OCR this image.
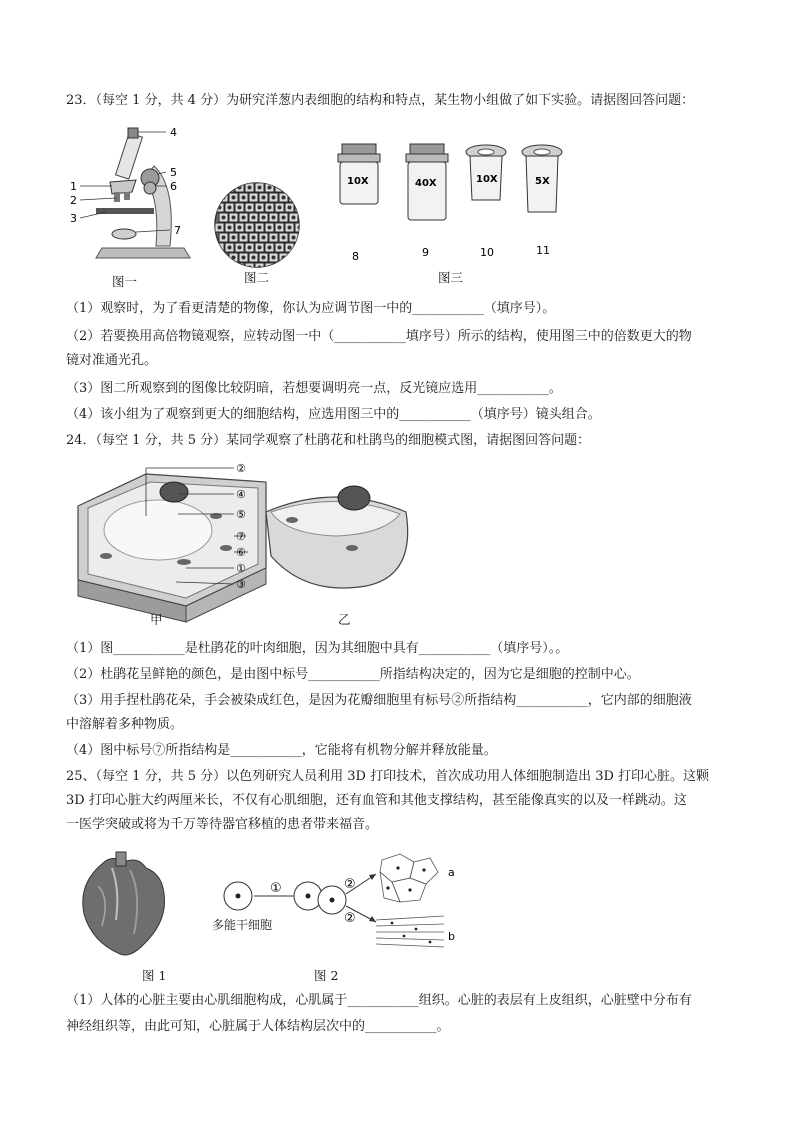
23．（每空 1 分，共 4 分）为研究洋葱内表细胞的结构和特点，某生物小组做了如下实验。请据图回答问题：
1
2
3
4
5
6
7
图一	图二
10X	40X	10X	5X
8	9	10	11
图三
（1）观察时，为了看更清楚的物像，你认为应调节图一中的___________（填序号）。
（2）若要换用高倍物镜观察，应转动图一中（___________填序号）所示的结构，使用图三中的倍数更大的物
镜对准通光孔。
（3）图二所观察到的图像比较阴暗，若想要调明亮一点，反光镜应选用___________。
（4）该小组为了观察到更大的细胞结构，应选用图三中的___________（填序号）镜头组合。
24．（每空 1 分，共 5 分）某同学观察了杜鹃花和杜鹃鸟的细胞模式图，请据图回答问题：
②
④
⑤
⑦
⑥
①
③
甲	乙
（1）图___________是杜鹃花的叶肉细胞，因为其细胞中具有___________（填序号）。。
（2）杜鹃花呈鲜艳的颜色，是由图中标号___________所指结构决定的，因为它是细胞的控制中心。
（3）用手捏杜鹃花朵，手会被染成红色，是因为花瓣细胞里有标号②所指结构___________，它内部的细胞液
中溶解着多种物质。
（4）图中标号⑦所指结构是___________，它能将有机物分解并释放能量。
25、（每空 1 分，共 5 分）以色列研究人员利用 3D 打印技术，首次成功用人体细胞制造出 3D 打印心脏。这颗
3D 打印心脏大约两厘米长，不仅有心肌细胞，还有血管和其他支撑结构，甚至能像真实的以及一样跳动。这
一医学突破或将为千万等待器官移植的患者带来福音。
图 1
①	②
②
a
b
多能干细胞
图 2
（1）人体的心脏主要由心肌细胞构成，心肌属于___________组织。心脏的表层有上皮组织，心脏壁中分布有
神经组织等，由此可知，心脏属于人体结构层次中的___________。
